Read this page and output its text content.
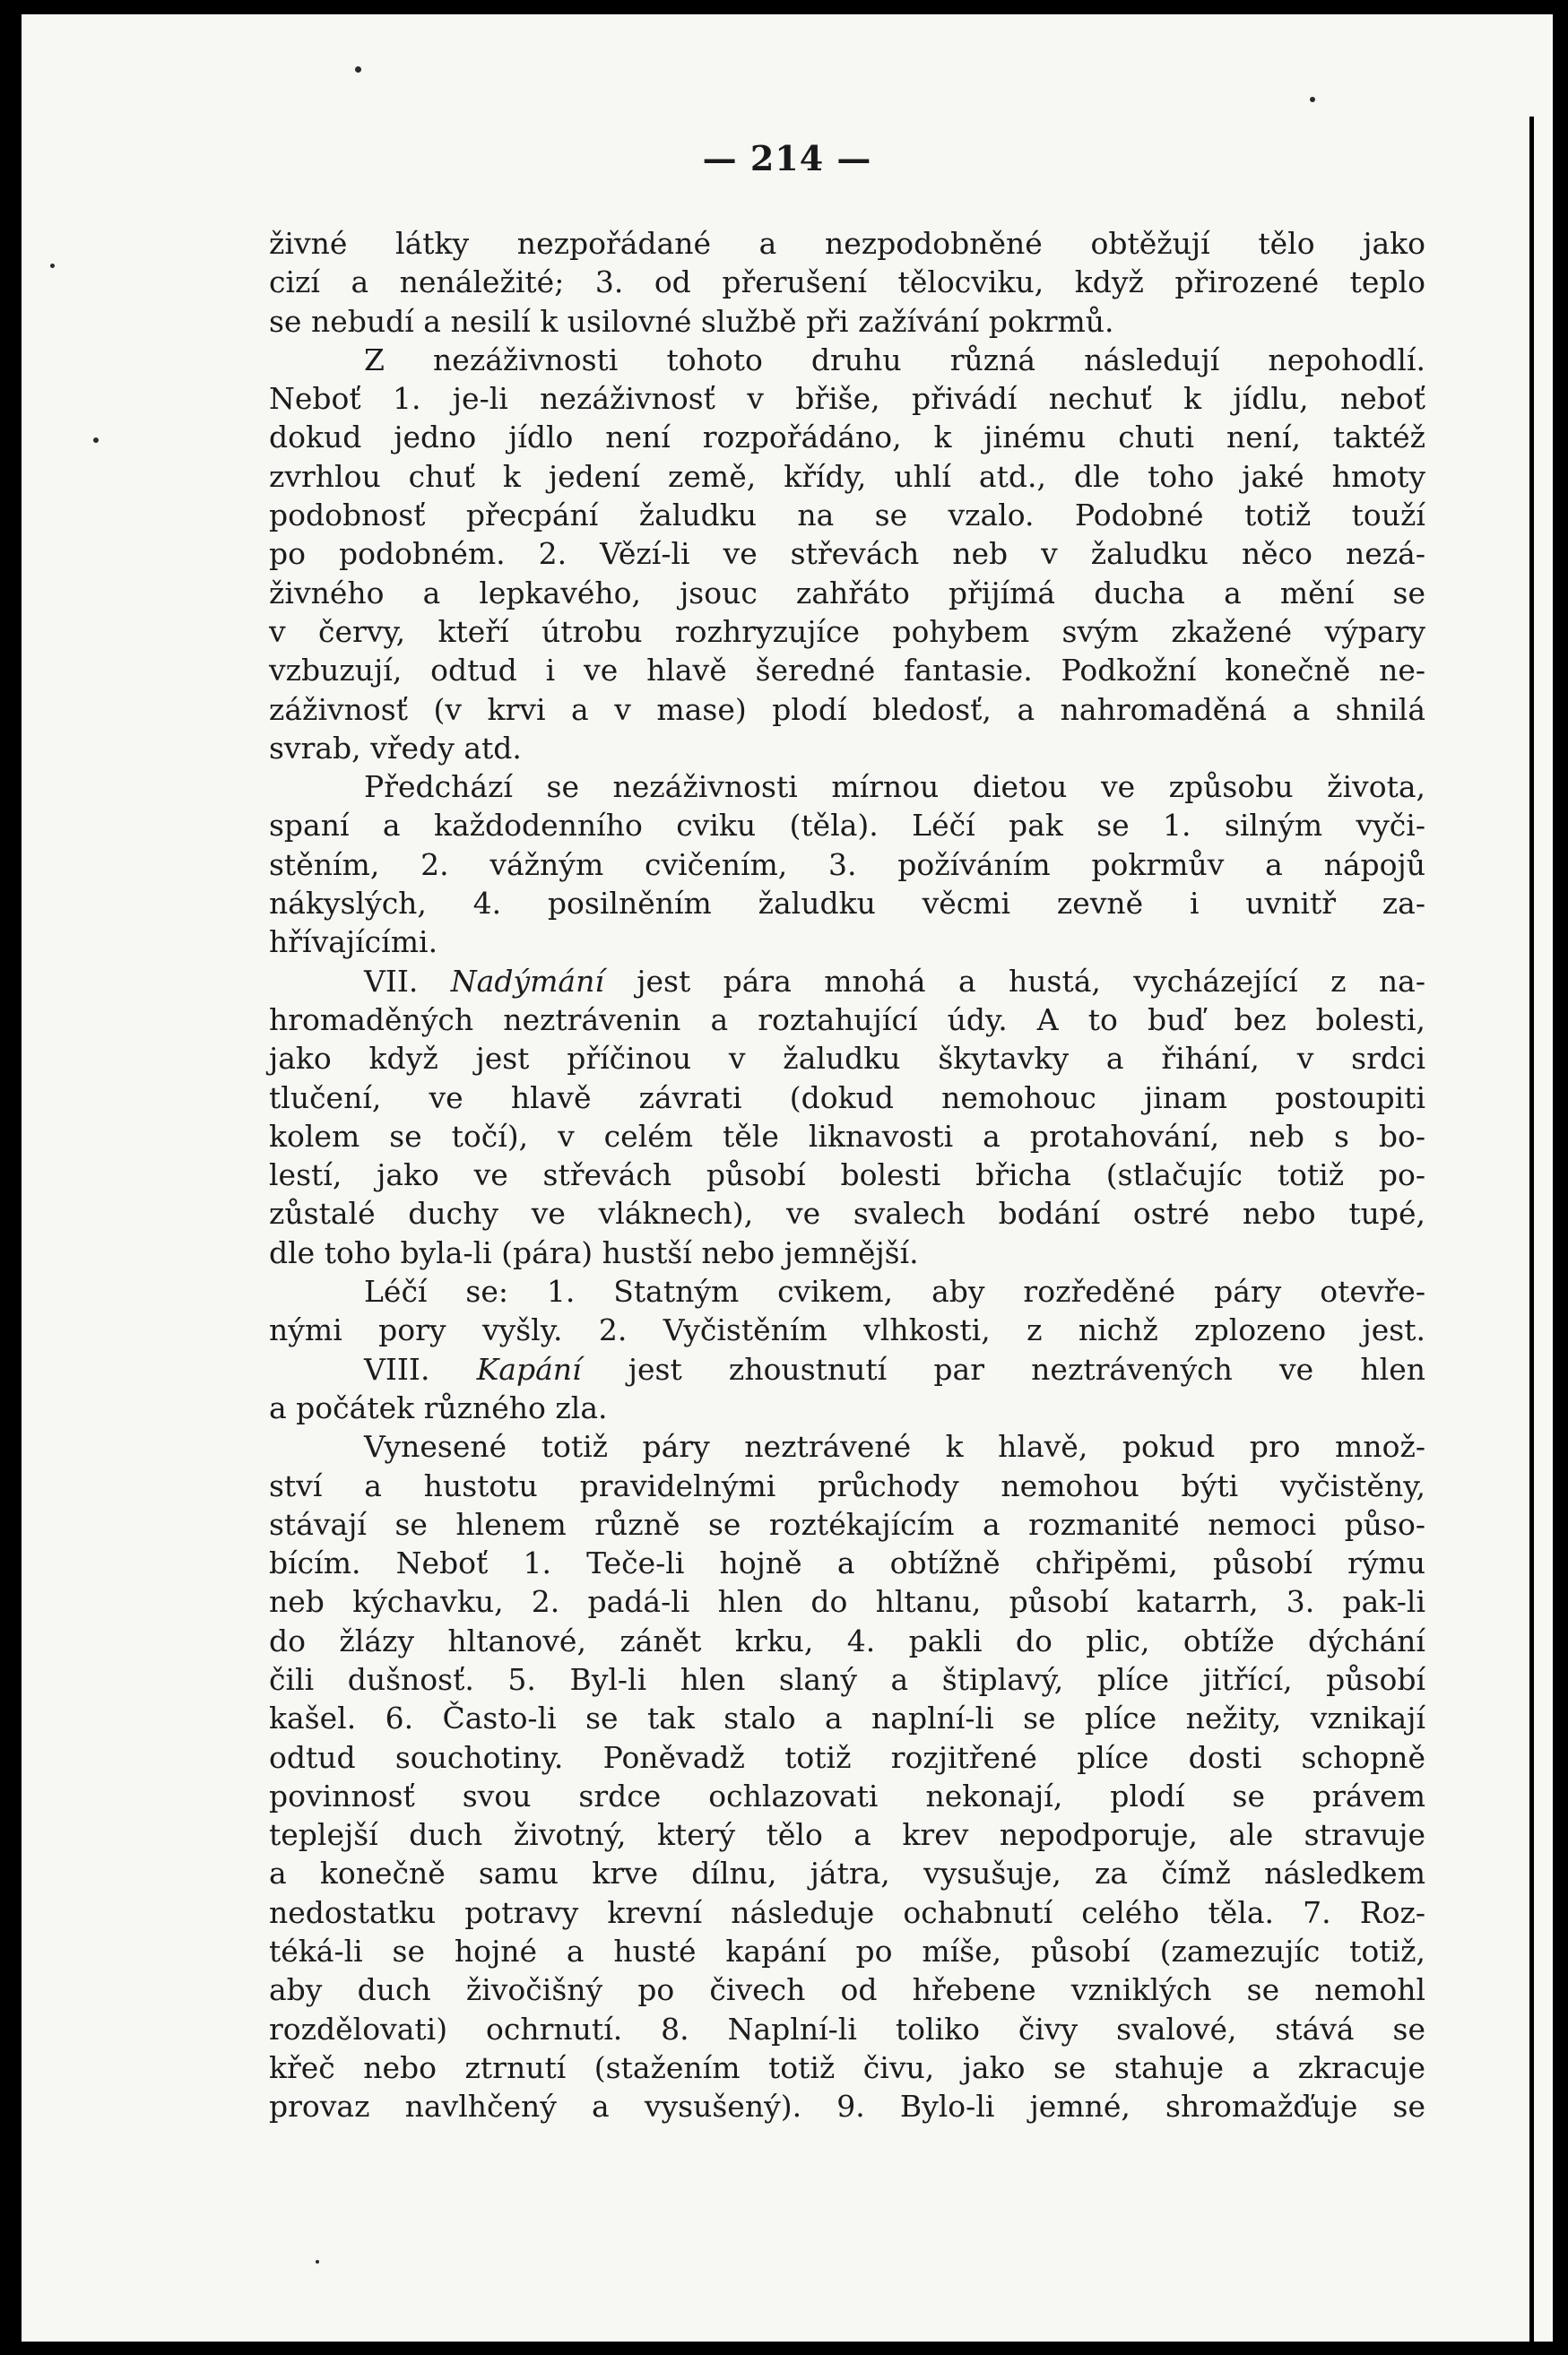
— 214 —
živné látky nezpořádané a nezpodobněné obtěžují tělo jako
cizí a nenáležité; 3. od přerušení tělocviku, když přirozené teplo
se nebudí a nesilí k usilovné službě při zažívání pokrmů.
Z nezáživnosti tohoto druhu různá následují nepohodlí.
Neboť 1. je-li nezáživnosť v břiše, přivádí nechuť k jídlu, neboť
dokud jedno jídlo není rozpořádáno, k jinému chuti není, taktéž
zvrhlou chuť k jedení země, křídy, uhlí atd., dle toho jaké hmoty
podobnosť přecpání žaludku na se vzalo. Podobné totiž touží
po podobném. 2. Vězí-li ve střevách neb v žaludku něco nezá-
živného a lepkavého, jsouc zahřáto přijímá ducha a mění se
v červy, kteří útrobu rozhryzujíce pohybem svým zkažené výpary
vzbuzují, odtud i ve hlavě šeredné fantasie. Podkožní konečně ne-
záživnosť (v krvi a v mase) plodí bledosť, a nahromaděná a shnilá
svrab, vředy atd.
Předchází se nezáživnosti mírnou dietou ve způsobu života,
spaní a každodenního cviku (těla). Léčí pak se 1. silným vyči-
stěním, 2. vážným cvičením, 3. požíváním pokrmův a nápojů
nákyslých, 4. posilněním žaludku věcmi zevně i uvnitř za-
hřívajícími.
VII. Nadýmání jest pára mnohá a hustá, vycházející z na-
hromaděných neztrávenin a roztahující údy. A to buď bez bolesti,
jako když jest příčinou v žaludku škytavky a řihání, v srdci
tlučení, ve hlavě závrati (dokud nemohouc jinam postoupiti
kolem se točí), v celém těle liknavosti a protahování, neb s bo-
lestí, jako ve střevách působí bolesti břicha (stlačujíc totiž po-
zůstalé duchy ve vláknech), ve svalech bodání ostré nebo tupé,
dle toho byla-li (pára) hustší nebo jemnější.
Léčí se: 1. Statným cvikem, aby rozředěné páry otevře-
nými pory vyšly. 2. Vyčistěním vlhkosti, z nichž zplozeno jest.
VIII. Kapání jest zhoustnutí par neztrávených ve hlen
a počátek různého zla.
Vynesené totiž páry neztrávené k hlavě, pokud pro množ-
ství a hustotu pravidelnými průchody nemohou býti vyčistěny,
stávají se hlenem různě se roztékajícím a rozmanité nemoci půso-
bícím. Neboť 1. Teče-li hojně a obtížně chřipěmi, působí rýmu
neb kýchavku, 2. padá-li hlen do hltanu, působí katarrh, 3. pak-li
do žlázy hltanové, zánět krku, 4. pakli do plic, obtíže dýchání
čili dušnosť. 5. Byl-li hlen slaný a štiplavý, plíce jitřící, působí
kašel. 6. Často-li se tak stalo a naplní-li se plíce nežity, vznikají
odtud souchotiny. Poněvadž totiž rozjitřené plíce dosti schopně
povinnosť svou srdce ochlazovati nekonají, plodí se právem
teplejší duch životný, který tělo a krev nepodporuje, ale stravuje
a konečně samu krve dílnu, játra, vysušuje, za čímž následkem
nedostatku potravy krevní následuje ochabnutí celého těla. 7. Roz-
téká-li se hojné a husté kapání po míše, působí (zamezujíc totiž,
aby duch živočišný po čivech od hřebene vzniklých se nemohl
rozdělovati) ochrnutí. 8. Naplní-li toliko čivy svalové, stává se
křeč nebo ztrnutí (stažením totiž čivu, jako se stahuje a zkracuje
provaz navlhčený a vysušený). 9. Bylo-li jemné, shromažďuje se
